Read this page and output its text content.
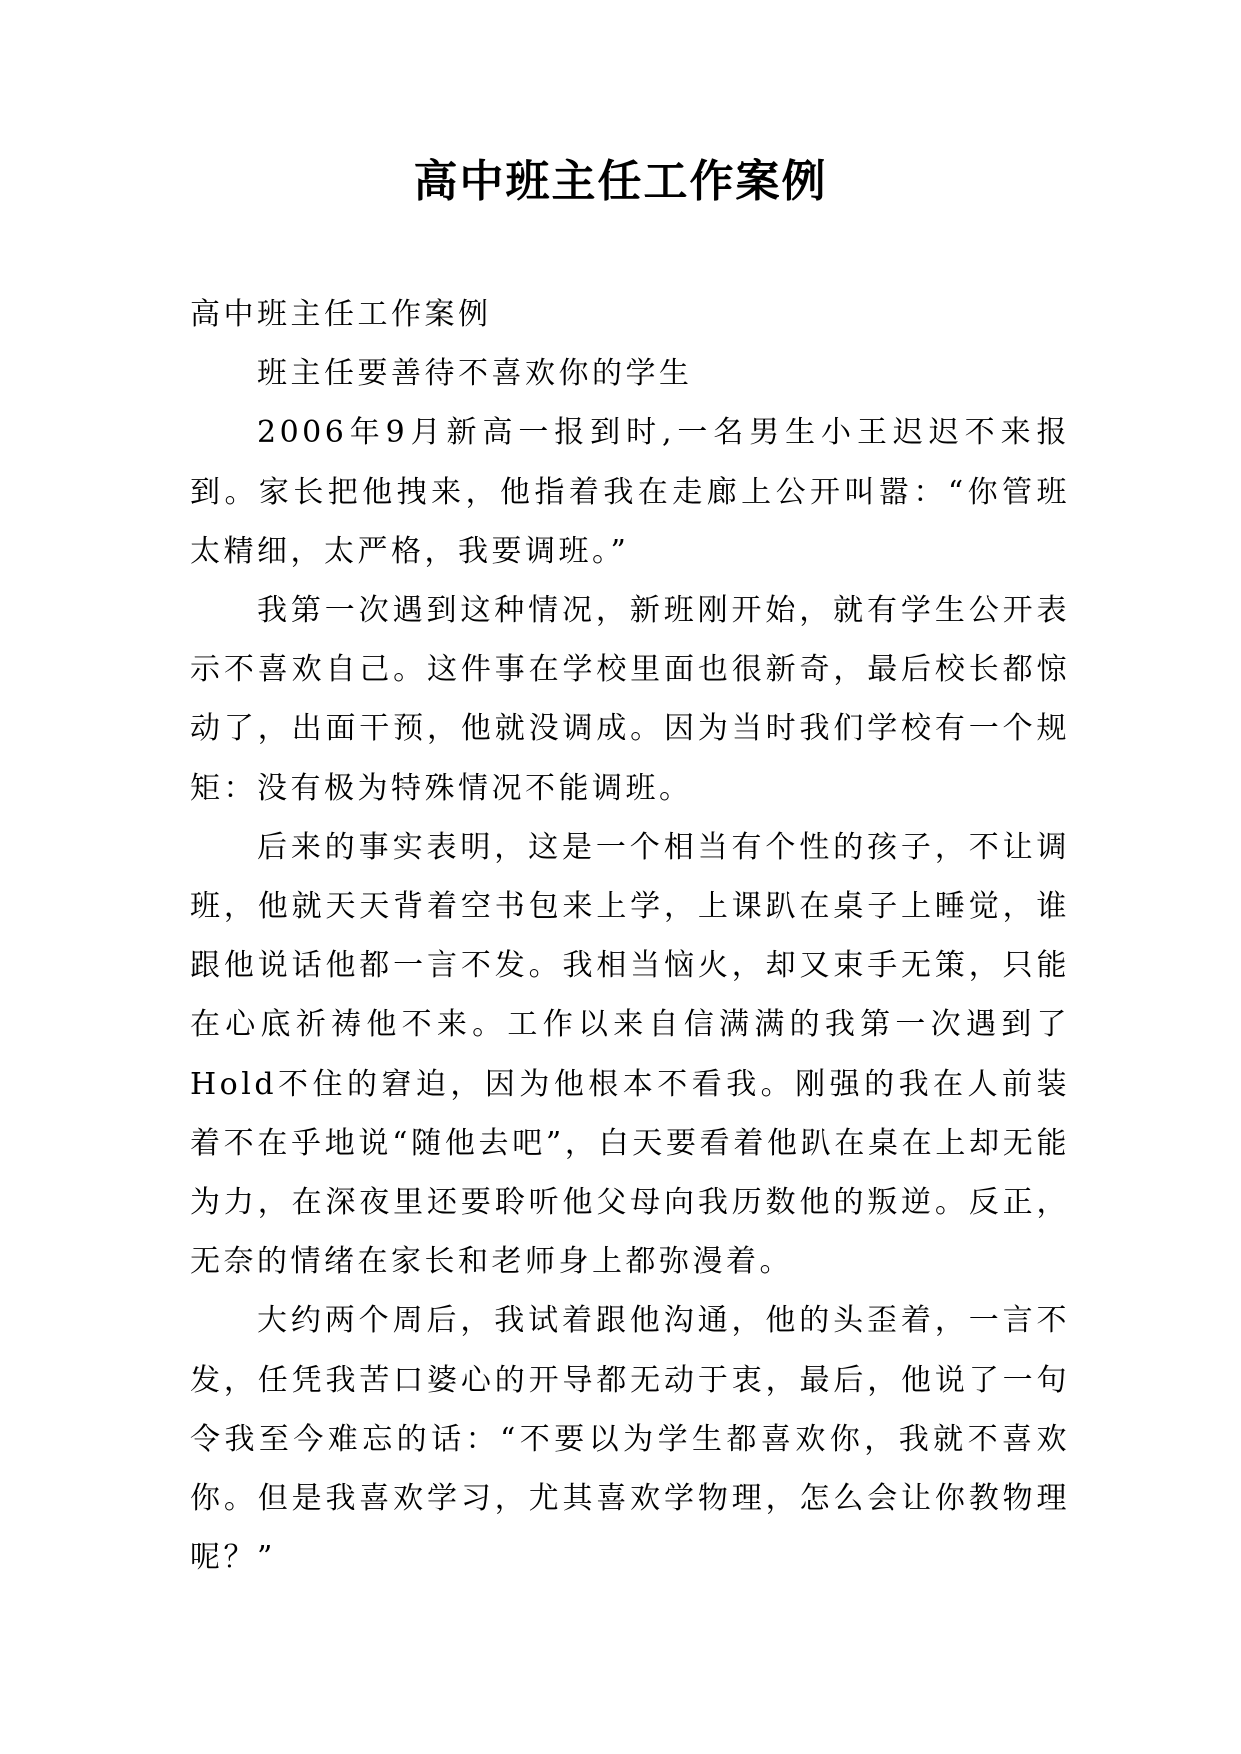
高中班主任工作案例

高中班主任工作案例

班主任要善待不喜欢你的学生

2006年9月新高一报到时,一名男生小王迟迟不来报到。家长把他拽来，他指着我在走廊上公开叫嚣：“你管班太精细，太严格，我要调班。”

我第一次遇到这种情况，新班刚开始，就有学生公开表示不喜欢自己。这件事在学校里面也很新奇，最后校长都惊动了，出面干预，他就没调成。因为当时我们学校有一个规矩：没有极为特殊情况不能调班。

后来的事实表明，这是一个相当有个性的孩子，不让调班，他就天天背着空书包来上学，上课趴在桌子上睡觉，谁跟他说话他都一言不发。我相当恼火，却又束手无策，只能在心底祈祷他不来。工作以来自信满满的我第一次遇到了Hold不住的窘迫，因为他根本不看我。刚强的我在人前装着不在乎地说“随他去吧”，白天要看着他趴在桌在上却无能为力，在深夜里还要聆听他父母向我历数他的叛逆。反正，无奈的情绪在家长和老师身上都弥漫着。

大约两个周后，我试着跟他沟通，他的头歪着，一言不发，任凭我苦口婆心的开导都无动于衷，最后，他说了一句令我至今难忘的话：“不要以为学生都喜欢你，我就不喜欢你。但是我喜欢学习，尤其喜欢学物理，怎么会让你教物理呢？”
